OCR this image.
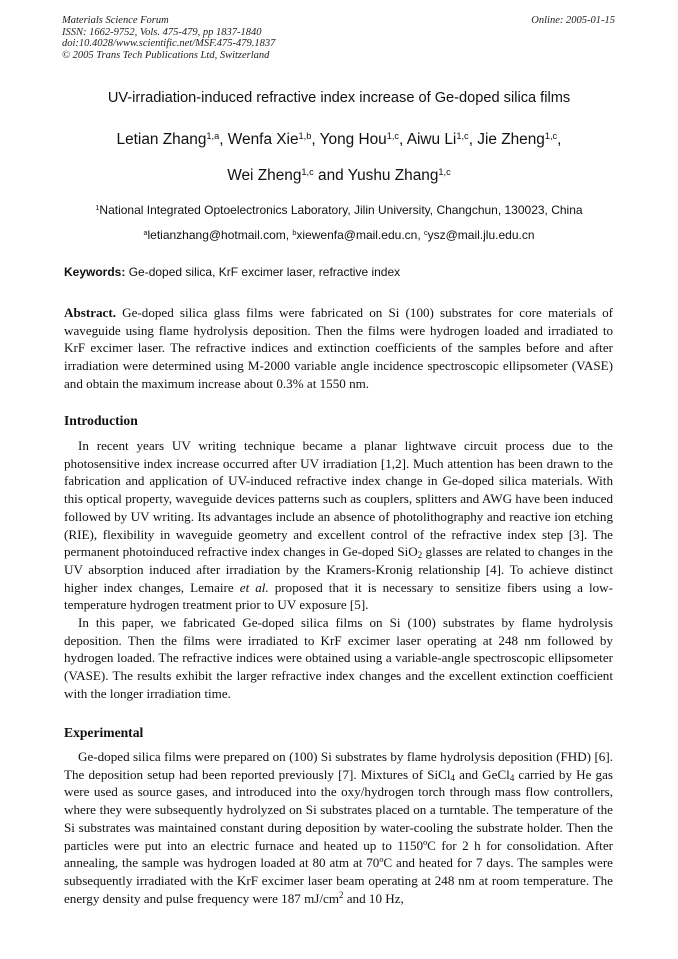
Materials Science Forum
ISSN: 1662-9752, Vols. 475-479, pp 1837-1840
doi:10.4028/www.scientific.net/MSF.475-479.1837
© 2005 Trans Tech Publications Ltd, Switzerland
Online: 2005-01-15
UV-irradiation-induced refractive index increase of Ge-doped silica films
Letian Zhang$^{1,a}$, Wenfa Xie$^{1,b}$, Yong Hou$^{1,c}$, Aiwu Li$^{1,c}$, Jie Zheng$^{1,c}$,
Wei Zheng$^{1,c}$ and Yushu Zhang$^{1,c}$
$^1$National Integrated Optoelectronics Laboratory, Jilin University, Changchun, 130023, China
$^a$letianzhang@hotmail.com, $^b$xiewenfa@mail.edu.cn, $^c$ysz@mail.jlu.edu.cn
Keywords: Ge-doped silica, KrF excimer laser, refractive index

Abstract. Ge-doped silica glass films were fabricated on Si (100) substrates for core materials of waveguide using flame hydrolysis deposition. Then the films were hydrogen loaded and irradiated to KrF excimer laser. The refractive indices and extinction coefficients of the samples before and after irradiation were determined using M-2000 variable angle incidence spectroscopic ellipsometer (VASE) and obtain the maximum increase about 0.3% at 1550 nm.

Introduction

In recent years UV writing technique became a planar lightwave circuit process due to the photosensitive index increase occurred after UV irradiation [1,2]. Much attention has been drawn to the fabrication and application of UV-induced refractive index change in Ge-doped silica materials. With this optical property, waveguide devices patterns such as couplers, splitters and AWG have been induced followed by UV writing. Its advantages include an absence of photolithography and reactive ion etching (RIE), flexibility in waveguide geometry and excellent control of the refractive index step [3]. The permanent photoinduced refractive index changes in Ge-doped SiO$_2$ glasses are related to changes in the UV absorption induced after irradiation by the Kramers-Kronig relationship [4]. To achieve distinct higher index changes, Lemaire et al. proposed that it is necessary to sensitize fibers using a low-temperature hydrogen treatment prior to UV exposure [5].

In this paper, we fabricated Ge-doped silica films on Si (100) substrates by flame hydrolysis deposition. Then the films were irradiated to KrF excimer laser operating at 248 nm followed by hydrogen loaded. The refractive indices were obtained using a variable-angle spectroscopic ellipsometer (VASE). The results exhibit the larger refractive index changes and the excellent extinction coefficient with the longer irradiation time.

Experimental

Ge-doped silica films were prepared on (100) Si substrates by flame hydrolysis deposition (FHD) [6]. The deposition setup had been reported previously [7]. Mixtures of SiCl$_4$ and GeCl$_4$ carried by He gas were used as source gases, and introduced into the oxy/hydrogen torch through mass flow controllers, where they were subsequently hydrolyzed on Si substrates placed on a turntable. The temperature of the Si substrates was maintained constant during deposition by water-cooling the substrate holder. Then the particles were put into an electric furnace and heated up to 1150ºC for 2 h for consolidation. After annealing, the sample was hydrogen loaded at 80 atm at 70ºC and heated for 7 days. The samples were subsequently irradiated with the KrF excimer laser beam operating at 248 nm at room temperature. The energy density and pulse frequency were 187 $mJ/cm^2$ and 10 Hz,
